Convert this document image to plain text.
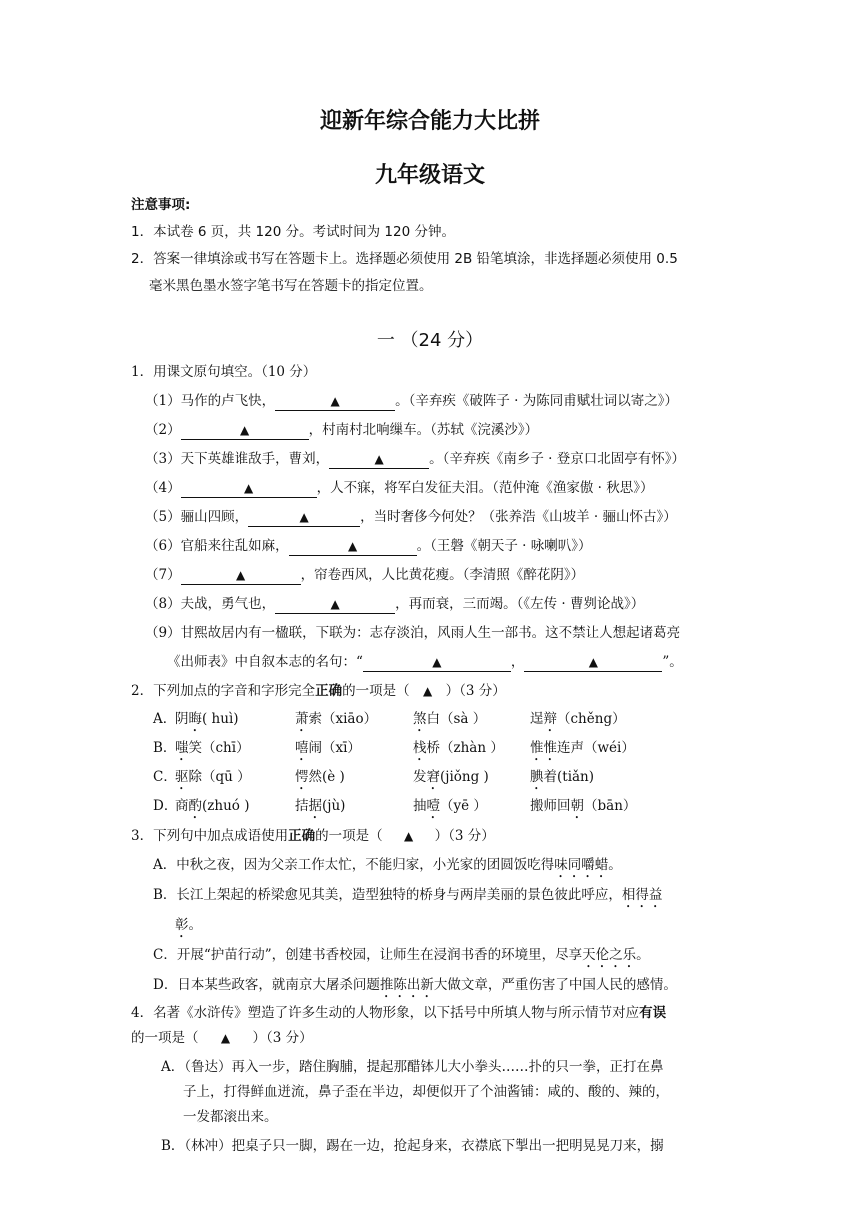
迎新年综合能力大比拼
九年级语文
注意事项:
1．本试卷 6 页，共 120 分。考试时间为 120 分钟。
2．答案一律填涂或书写在答题卡上。选择题必须使用 2B 铅笔填涂，非选择题必须使用 0.5
毫米黑色墨水签字笔书写在答题卡的指定位置。
一 （24 分）
1．用课文原句填空。（10 分）
（1）马作的卢飞快，	▲	。（辛弃疾《破阵子 · 为陈同甫赋壮词以寄之》）
（2）	▲	，村南村北响缫车。（苏轼《浣溪沙》）
（3）天下英雄谁敌手，曹刘，	▲	。（辛弃疾《南乡子 · 登京口北固亭有怀》）
（4）	▲	，人不寐，将军白发征夫泪。（范仲淹《渔家傲 · 秋思》）
（5）骊山四顾，	▲	，当时奢侈今何处？（张养浩《山坡羊 · 骊山怀古》）
（6）官船来往乱如麻，	▲	。（王磐《朝天子 · 咏喇叭》）
（7）	▲	，帘卷西风，人比黄花瘦。（李清照《醉花阴》）
（8）夫战，勇气也，	▲	，再而衰，三而竭。（《左传 · 曹刿论战》）
（9）甘熙故居内有一楹联，下联为：志存淡泊，风雨人生一部书。这不禁让人想起诸葛亮
《出师表》中自叙本志的名句：“	▲	，	▲	”。
2．下列加点的字音和字形完全正确的一项是（ ▲ ）（3 分）
A．
阴晦( huì)	萧索（xiāo）	煞白（sà ）	逞辩（chěng）
B．
嗤笑（chī）	嘻闹（xī）	栈桥（zhàn ）	惟惟连声（wéi）
C．
驱除（qū ）	愕然(è )	发窘(jiǒng )	腆着(tiǎn)
D．
商酌(zhuó )	拮据(jù)	抽噎（yē ）	搬师回朝（bān）
3．下列句中加点成语使用正确的一项是（ ▲ ）（3 分）
A．中秋之夜，因为父亲工作太忙，不能归家，小光家的团圆饭吃得味同嚼蜡。
B．长江上架起的桥梁愈见其美，造型独特的桥身与两岸美丽的景色彼此呼应，相得益
彰。
C．开展“护苗行动”，创建书香校园，让师生在浸润书香的环境里，尽享天伦之乐。
D．日本某些政客，就南京大屠杀问题推陈出新大做文章，严重伤害了中国人民的感情。
4．名著《水浒传》塑造了许多生动的人物形象，以下括号中所填人物与所示情节对应有误
的一项是（ ▲ ）（3 分）
A．（鲁达）再入一步，踏住胸脯，提起那醋钵儿大小拳头……扑的只一拳，正打在鼻
子上，打得鲜血迸流，鼻子歪在半边，却便似开了个油酱铺：咸的、酸的、辣的，
一发都滚出来。
B．（林冲）把桌子只一脚，踢在一边，抢起身来，衣襟底下掣出一把明晃晃刀来，搦
